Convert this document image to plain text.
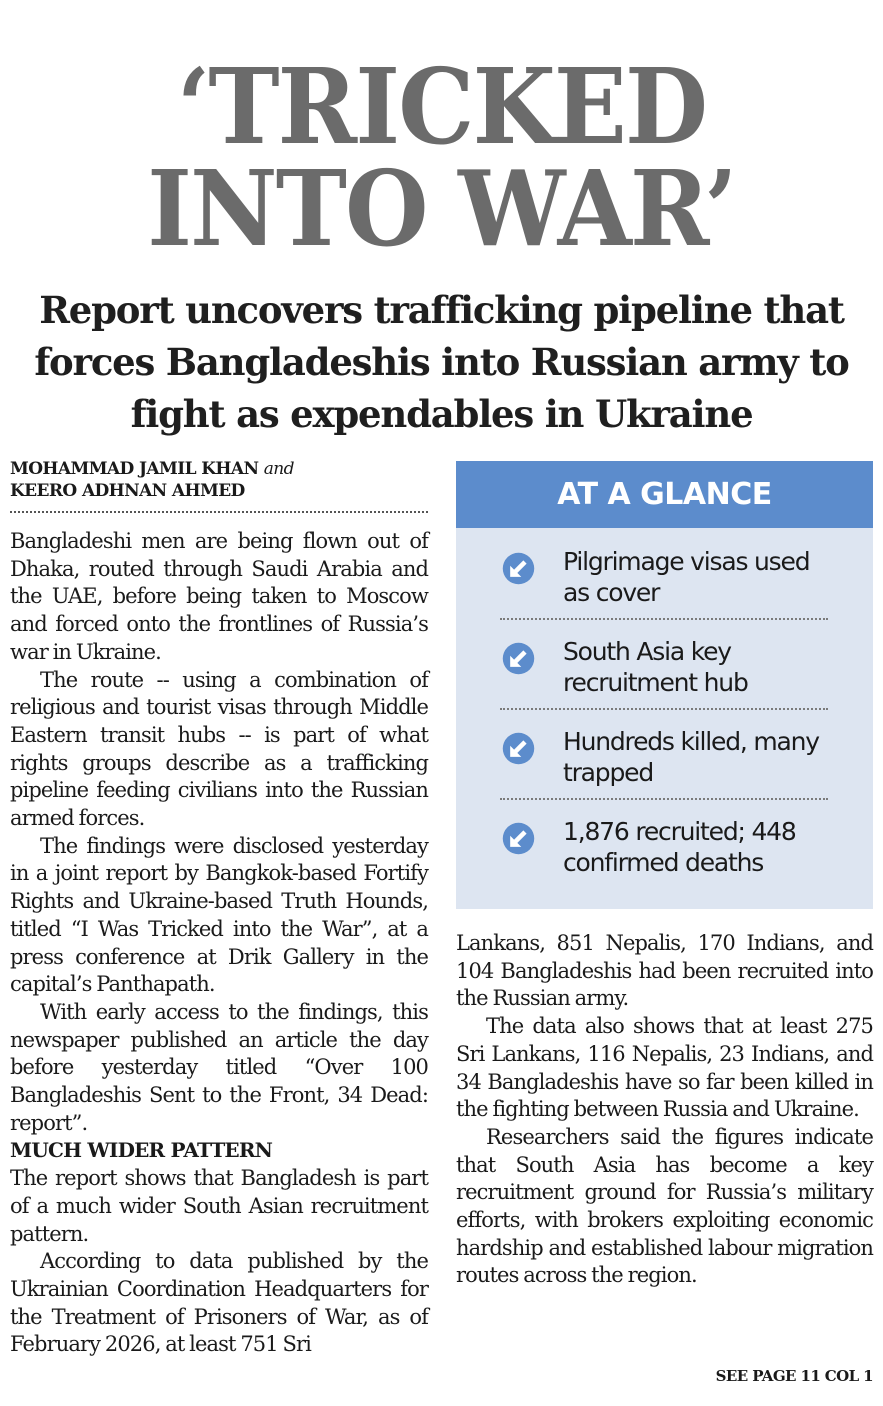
‘TRICKED
INTO WAR’
Report uncovers trafficking pipeline that
forces Bangladeshis into Russian army to
fight as expendables in Ukraine
MOHAMMAD JAMIL KHAN and
KEERO ADHNAN AHMED

Bangladeshi men are being flown out of Dhaka, routed through Saudi Arabia and the UAE, before being taken to Moscow and forced onto the frontlines of Russia’s war in Ukraine.

The route -- using a combination of religious and tourist visas through Middle Eastern transit hubs -- is part of what rights groups describe as a trafficking pipeline feeding civilians into the Russian armed forces.

The findings were disclosed yesterday in a joint report by Bangkok-based Fortify Rights and Ukraine-based Truth Hounds, titled “I Was Tricked into the War”, at a press conference at Drik Gallery in the capital’s Panthapath.

With early access to the findings, this newspaper published an article the day before yesterday titled “Over 100 Bangladeshis Sent to the Front, 34 Dead: report”.

MUCH WIDER PATTERN

The report shows that Bangladesh is part of a much wider South Asian recruitment pattern.

According to data published by the Ukrainian Coordination Headquarters for the Treatment of Prisoners of War, as of February 2026, at least 751 Sri

AT A GLANCE
Pilgrimage visas used as cover
South Asia key recruitment hub
Hundreds killed, many trapped
1,876 recruited; 448 confirmed deaths

Lankans, 851 Nepalis, 170 Indians, and 104 Bangladeshis had been recruited into the Russian army.

The data also shows that at least 275 Sri Lankans, 116 Nepalis, 23 Indians, and 34 Bangladeshis have so far been killed in the fighting between Russia and Ukraine.

Researchers said the figures indicate that South Asia has become a key recruitment ground for Russia’s military efforts, with brokers exploiting economic hardship and established labour migration routes across the region.

SEE PAGE 11 COL 1
